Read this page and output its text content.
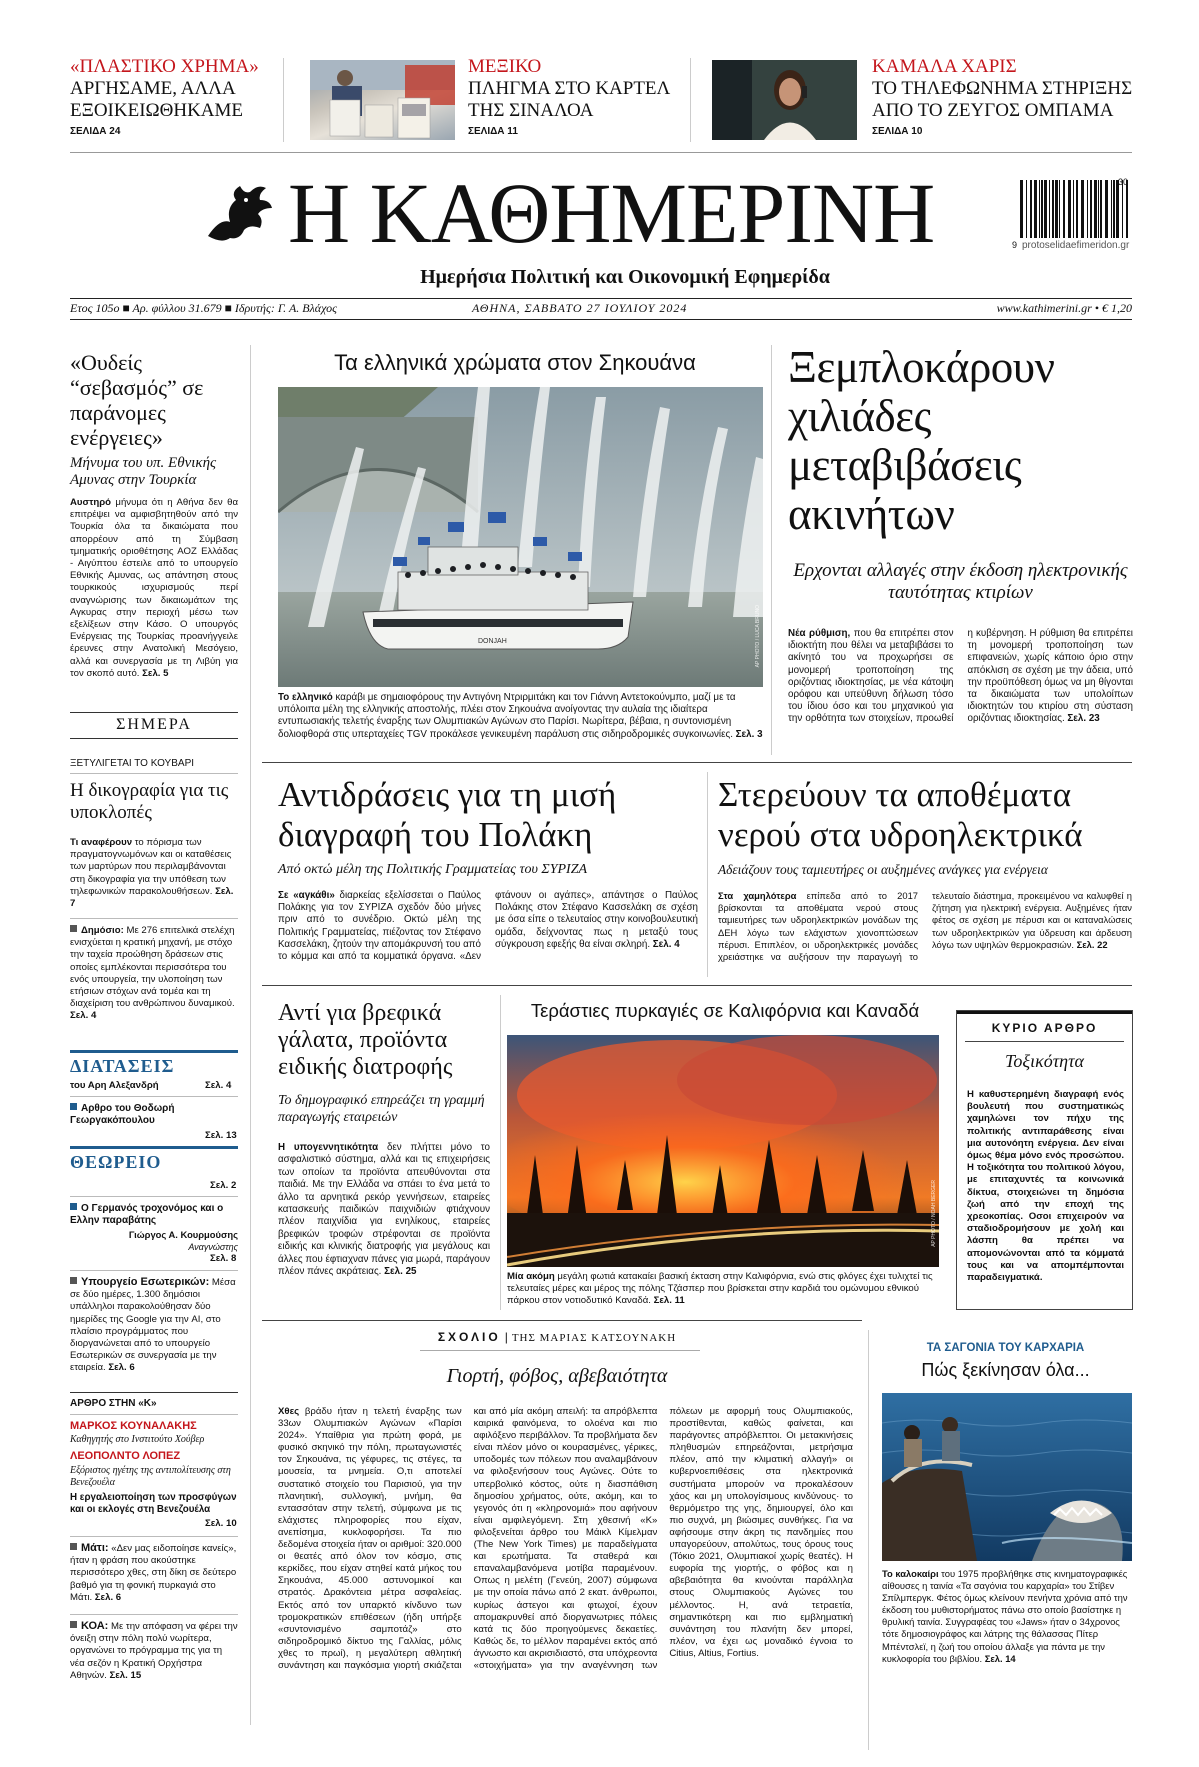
«ΠΛΑΣΤΙΚΟ ΧΡΗΜΑ»
ΑΡΓΗΣΑΜΕ, ΑΛΛΑ
ΕΞΟΙΚΕΙΩΘΗΚΑΜΕ
ΣΕΛΙΔΑ 24
ΜΕΞΙΚΟ
ΠΛΗΓΜΑ ΣΤΟ ΚΑΡΤΕΛ
ΤΗΣ ΣΙΝΑΛΟΑ
ΣΕΛΙΔΑ 11
ΚΑΜΑΛΑ ΧΑΡΙΣ
ΤΟ ΤΗΛΕΦΩΝΗΜΑ ΣΤΗΡΙΞΗΣ
ΑΠΟ ΤΟ ΖΕΥΓΟΣ ΟΜΠΑΜΑ
ΣΕΛΙΔΑ 10
Η ΚΑΘΗΜΕΡΙΝΗ	30
9 protoselidaefimeridon.gr
Ημερήσια Πολιτική και Οικονομική Εφημερίδα
Ετος 105ο ■ Αρ. φύλλου 31.679 ■ Ιδρυτής: Γ. Α. Βλάχος	ΑΘΗΝΑ, ΣΑΒΒΑΤΟ 27 ΙΟΥΛΙΟΥ 2024	www.kathimerini.gr • € 1,20
«Ουδείς “σεβασμός” σε παράνομες ενέργειες»
Μήνυμα του υπ. Εθνικής Αμυνας στην Τουρκία
Αυστηρό μήνυμα ότι η Αθήνα δεν θα επιτρέψει να αμφισβητηθούν από την Τουρκία όλα τα δικαιώματα που απορρέουν από τη Σύμβαση τμηματικής οριοθέτησης ΑΟΖ Ελλάδας - Αιγύπτου έστειλε από το υπουργείο Εθνικής Αμυνας, ως απάντηση στους τουρκικούς ισχυρισμούς περί αναγνώρισης των δικαιωμάτων της Αγκυρας στην περιοχή μέσω των εξελίξεων στην Κάσο. Ο υπουργός Ενέργειας της Τουρκίας προανήγγειλε έρευνες στην Ανατολική Μεσόγειο, αλλά και συνεργασία με τη Λιβύη για τον σκοπό αυτό. Σελ. 5
ΣΗΜΕΡΑ
ΞΕΤΥΛΙΓΕΤΑΙ ΤΟ ΚΟΥΒΑΡΙ
Η δικογραφία για τις υποκλοπές
Τι αναφέρουν το πόρισμα των πραγματογνωμόνων και οι καταθέσεις των μαρτύρων που περιλαμβάνονται στη δικογραφία για την υπόθεση των τηλεφωνικών παρακολουθήσεων. Σελ. 7
Δημόσιο: Με 276 επιτελικά στελέχη ενισχύεται η κρατική μηχανή, με στόχο την ταχεία προώθηση δράσεων στις οποίες εμπλέκονται περισσότερα του ενός υπουργεία, την υλοποίηση των ετήσιων στόχων ανά τομέα και τη διαχείριση του ανθρώπινου δυναμικού. Σελ. 4
ΔΙΑΤΑΣΕΙΣ
του Αρη Αλεξανδρή	Σελ. 4
Αρθρο του Θοδωρή Γεωργακόπουλου
Σελ. 13
ΘΕΩΡΕΙΟ
Σελ. 2
Ο Γερμανός τροχονόμος και ο Ελλην παραβάτης
Γιώργος Α. Κουρμούσης
Αναγνώστης
Σελ. 8
Υπουργείο Εσωτερικών: Μέσα σε δύο ημέρες, 1.300 δημόσιοι υπάλληλοι παρακολούθησαν δύο ημερίδες της Google για την AI, στο πλαίσιο προγράμματος που διοργανώνεται από το υπουργείο Εσωτερικών σε συνεργασία με την εταιρεία. Σελ. 6
ΑΡΘΡΟ ΣΤΗΝ «Κ»
ΜΑΡΚΟΣ ΚΟΥΝΑΛΑΚΗΣ
Καθηγητής στο Ινστιτούτο Χούβερ
ΛΕΟΠΟΛΝΤΟ ΛΟΠΕΖ
Εξόριστος ηγέτης της αντιπολίτευσης στη Βενεζουέλα
Η εργαλειοποίηση των προσφύγων και οι εκλογές στη Βενεζουέλα
Σελ. 10
Μάτι: «Δεν μας ειδοποίησε κανείς», ήταν η φράση που ακούστηκε περισσότερο χθες, στη δίκη σε δεύτερο βαθμό για τη φονική πυρκαγιά στο Μάτι. Σελ. 6
ΚΟΑ: Με την απόφαση να φέρει την όνειξη στην πόλη πολύ νωρίτερα, οργανώνει το πρόγραμμα της για τη νέα σεζόν η Κρατική Ορχήστρα Αθηνών. Σελ. 15
Τα ελληνικά χρώματα στον Σηκουάνα
DONJAH	AP PHOTO / LUCA BRUNO
Το ελληνικό καράβι με σημαιοφόρους την Αντιγόνη Ντριρμιτάκη και τον Γιάννη Αντετοκούνμπο, μαζί με τα υπόλοιπα μέλη της ελληνικής αποστολής, πλέει στον Σηκουάνα ανοίγοντας την αυλαία της ιδιαίτερα εντυπωσιακής τελετής έναρξης των Ολυμπιακών Αγώνων στο Παρίσι. Νωρίτερα, βέβαια, η συντονισμένη δολιοφθορά στις υπερταχείες TGV προκάλεσε γενικευμένη παράλυση στις σιδηροδρομικές συγκοινωνίες. Σελ. 3
Ξεμπλοκάρουν χιλιάδες μεταβιβάσεις ακινήτων
Ερχονται αλλαγές στην έκδοση ηλεκτρονικής ταυτότητας κτιρίων
Νέα ρύθμιση, που θα επιτρέπει στον ιδιοκτήτη που θέλει να μεταβιβάσει το ακίνητό του να προχωρήσει σε μονομερή τροποποίηση της οριζόντιας ιδιοκτησίας, με νέα κάτοψη ορόφου και υπεύθυνη δήλωση τόσο του ίδιου όσο και του μηχανικού για την ορθότητα των στοιχείων, προωθεί η κυβέρνηση. Η ρύθμιση θα επιτρέπει τη μονομερή τροποποίηση των επιφανειών, χωρίς κάποιο όριο στην απόκλιση σε σχέση με την άδεια, υπό την προϋπόθεση όμως να μη θίγονται τα δικαιώματα των υπολοίπων ιδιοκτητών του κτιρίου στη σύσταση οριζόντιας ιδιοκτησίας. Σελ. 23
Αντιδράσεις για τη μισή διαγραφή του Πολάκη
Από οκτώ μέλη της Πολιτικής Γραμματείας του ΣΥΡΙΖΑ
Σε «αγκάθι» διαρκείας εξελίσσεται ο Παύλος Πολάκης για τον ΣΥΡΙΖΑ σχεδόν δύο μήνες πριν από το συνέδριο. Οκτώ μέλη της Πολιτικής Γραμματείας, πιέζοντας τον Στέφανο Κασσελάκη, ζητούν την απομάκρυνσή του από το κόμμα και από τα κομματικά όργανα. «Δεν φτάνουν οι αγάπες», απάντησε ο Παύλος Πολάκης στον Στέφανο Κασσελάκη σε σχέση με όσα είπε ο τελευταίος στην κοινοβουλευτική ομάδα, δείχνοντας πως η μεταξύ τους σύγκρουση εφεξής θα είναι σκληρή. Σελ. 4
Στερεύουν τα αποθέματα νερού στα υδροηλεκτρικά
Αδειάζουν τους ταμιευτήρες οι αυξημένες ανάγκες για ενέργεια
Στα χαμηλότερα επίπεδα από το 2017 βρίσκονται τα αποθέματα νερού στους ταμιευτήρες των υδροηλεκτρικών μονάδων της ΔΕΗ λόγω των ελάχιστων χιονοπτώσεων πέρυσι. Επιπλέον, οι υδροηλεκτρικές μονάδες χρειάστηκε να αυξήσουν την παραγωγή το τελευταίο διάστημα, προκειμένου να καλυφθεί η ζήτηση για ηλεκτρική ενέργεια. Αυξημένες ήταν φέτος σε σχέση με πέρυσι και οι καταναλώσεις των υδροηλεκτρικών για ύδρευση και άρδευση λόγω των υψηλών θερμοκρασιών. Σελ. 22
Αντί για βρεφικά γάλατα, προϊόντα ειδικής διατροφής
Το δημογραφικό επηρεάζει τη γραμμή παραγωγής εταιρειών
Η υπογεννητικότητα δεν πλήττει μόνο το ασφαλιστικό σύστημα, αλλά και τις επιχειρήσεις των οποίων τα προϊόντα απευθύνονται στα παιδιά. Με την Ελλάδα να σπάει το ένα μετά το άλλο τα αρνητικά ρεκόρ γεννήσεων, εταιρείες κατασκευής παιδικών παιχνιδιών φτιάχνουν πλέον παιχνίδια για ενηλίκους, εταιρείες βρεφικών τροφών στρέφονται σε προϊόντα ειδικής και κλινικής διατροφής για μεγάλους και άλλες που έφτιαχναν πάνες για μωρά, παράγουν πλέον πάνες ακράτειας. Σελ. 25
Τεράστιες πυρκαγιές σε Καλιφόρνια και Καναδά
AP PHOTO / NOAH BERGER
Μία ακόμη μεγάλη φωτιά κατακαίει βασική έκταση στην Καλιφόρνια, ενώ στις φλόγες έχει τυλιχτεί τις τελευταίες μέρες και μέρος της πόλης Τζάσπερ που βρίσκεται στην καρδιά του ομώνυμου εθνικού πάρκου στον νοτιοδυτικό Καναδά. Σελ. 11
ΚΥΡΙΟ ΑΡΘΡΟ
Τοξικότητα
Η καθυστερημένη διαγραφή ενός βουλευτή που συστηματικώς χαμηλώνει τον πήχυ της πολιτικής αντιπαράθεσης είναι μια αυτονόητη ενέργεια. Δεν είναι όμως θέμα μόνο ενός προσώπου. Η τοξικότητα του πολιτικού λόγου, με επιταχυντές τα κοινωνικά δίκτυα, στοιχειώνει τη δημόσια ζωή από την εποχή της χρεοκοπίας. Οσοι επιχειρούν να σταδιοδρομήσουν με χολή και λάσπη θα πρέπει να απομονώνονται από τα κόμματά τους και να απομπέμπονται παραδειγματικά.
ΣΧΟΛΙΟ | ΤΗΣ ΜΑΡΙΑΣ ΚΑΤΣΟΥΝΑΚΗ
Γιορτή, φόβος, αβεβαιότητα
Χθες βράδυ ήταν η τελετή έναρξης των 33ων Ολυμπιακών Αγώνων «Παρίσι 2024». Υπαίθρια για πρώτη φορά, με φυσικό σκηνικό την πόλη, πρωταγωνιστές τον Σηκουάνα, τις γέφυρες, τις στέγες, τα μουσεία, τα μνημεία. Ο,τι αποτελεί συστατικό στοιχείο του Παρισιού, για την πλανητική, συλλογική, μνήμη, θα εντασσόταν στην τελετή, σύμφωνα με τις ελάχιστες πληροφορίες που είχαν, ανεπίσημα, κυκλοφορήσει. Τα πιο δεδομένα στοιχεία ήταν οι αριθμοί: 320.000 οι θεατές από όλον τον κόσμο, στις κερκίδες, που είχαν στηθεί κατά μήκος του Σηκουάνα, 45.000 αστυνομικοί και στρατός. Δρακόντεια μέτρα ασφαλείας. Εκτός από τον υπαρκτό κίνδυνο των τρομοκρατικών επιθέσεων (ήδη υπήρξε «συντονισμένο σαμποτάζ» στο σιδηροδρομικό δίκτυο της Γαλλίας, μόλις χθες το πρωί), η μεγαλύτερη αθλητική συνάντηση και παγκόσμια γιορτή σκιάζεται και από μία ακόμη απειλή: τα απρόβλεπτα καιρικά φαινόμενα, το ολοένα και πιο αφιλόξενο περιβάλλον. Τα προβλήματα δεν είναι πλέον μόνο οι κουρασμένες, γέρικες, υποδομές των πόλεων που αναλαμβάνουν να φιλοξενήσουν τους Αγώνες. Ούτε το υπερβολικό κόστος, ούτε η διασπάθιση δημοσίου χρήματος, ούτε, ακόμη, και το γεγονός ότι η «κληρονομιά» που αφήνουν είναι αμφιλεγόμενη. Στη χθεσινή «Κ» φιλοξενείται άρθρο του Μάικλ Κίμελμαν (The New York Times) με παραδείγματα και ερωτήματα. Τα σταθερά και επαναλαμβανόμενα μοτίβα παραμένουν. Οπως η μελέτη (Γενεύη, 2007) σύμφωνα με την οποία πάνω από 2 εκατ. άνθρωποι, κυρίως άστεγοι και φτωχοί, έχουν απομακρυνθεί από διοργανωτριες πόλεις κατά τις δύο προηγούμενες δεκαετίες. Καθώς δε, το μέλλον παραμένει εκτός από άγνωστο και ακρισιδιαστό, στα υπόχρεοντα «στοιχήματα» για την αναγέννηση των πόλεων με αφορμή τους Ολυμπιακούς, προστίθενται, καθώς φαίνεται, και παράγοντες απρόβλεπτοι. Οι μετακινήσεις πληθυσμών επηρεάζονται, μετρήσιμα πλέον, από την κλιματική αλλαγή» οι κυβερνοεπιθέσεις στα ηλεκτρονικά συστήματα μπορούν να προκαλέσουν χάος και μη υπολογίσιμους κινδύνους· το θερμόμετρο της γης, δημιουργεί, όλο και πιο συχνά, μη βιώσιμες συνθήκες. Για να αφήσουμε στην άκρη τις πανδημίες που υπαγορεύουν, απολύτως, τους όρους τους (Τόκιο 2021, Ολυμπιακοί χωρίς θεατές). Η ευφορία της γιορτής, ο φόβος και η αβεβαιότητα θα κινούνται παράλληλα στους Ολυμπιακούς Αγώνες του μέλλοντος. Η, ανά τετραετία, σημαντικότερη και πιο εμβληματική συνάντηση του πλανήτη δεν μπορεί, πλέον, να έχει ως μοναδικό έγνοια το Citius, Altius, Fortius.
ΤΑ ΣΑΓΟΝΙΑ ΤΟΥ ΚΑΡΧΑΡΙΑ
Πώς ξεκίνησαν όλα...
Το καλοκαίρι του 1975 προβλήθηκε στις κινηματογραφικές αίθουσες η ταινία «Τα σαγόνια του καρχαρία» του Στίβεν Σπίλμπεργκ. Φέτος όμως κλείνουν πενήντα χρόνια από την έκδοση του μυθιστορήματος πάνω στο οποίο βασίστηκε η θρυλική ταινία. Συγγραφέας του «Jaws» ήταν ο 34χρονος τότε δημοσιογράφος και λάτρης της θάλασσας Πίτερ Μπέντσλεϊ, η ζωή του οποίου άλλαξε για πάντα με την κυκλοφορία του βιβλίου. Σελ. 14
